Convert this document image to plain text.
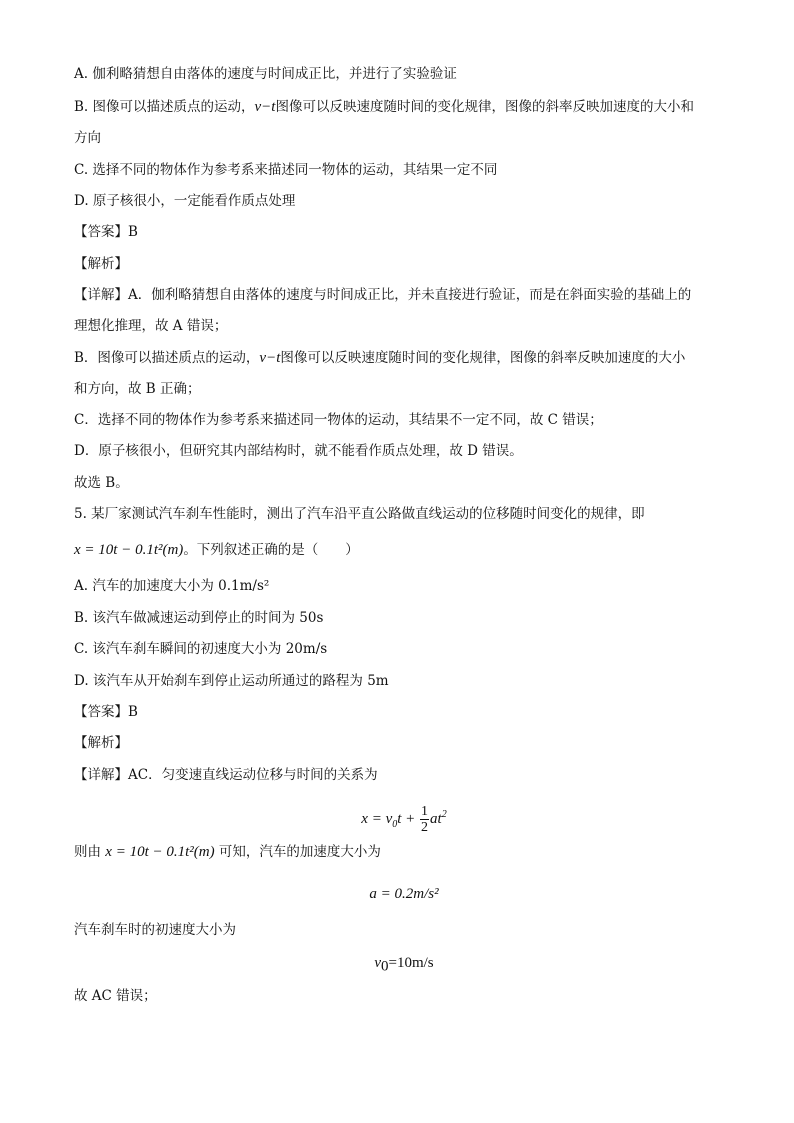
A. 伽利略猜想自由落体的速度与时间成正比，并进行了实验验证
B. 图像可以描述质点的运动，v−t图像可以反映速度随时间的变化规律，图像的斜率反映加速度的大小和
方向
C. 选择不同的物体作为参考系来描述同一物体的运动，其结果一定不同
D. 原子核很小，一定能看作质点处理
【答案】B
【解析】
【详解】A．伽利略猜想自由落体的速度与时间成正比，并未直接进行验证，而是在斜面实验的基础上的
理想化推理，故 A 错误；
B．图像可以描述质点的运动，v−t图像可以反映速度随时间的变化规律，图像的斜率反映加速度的大小
和方向，故 B 正确；
C．选择不同的物体作为参考系来描述同一物体的运动，其结果不一定不同，故 C 错误；
D．原子核很小，但研究其内部结构时，就不能看作质点处理，故 D 错误。
故选 B。
5. 某厂家测试汽车刹车性能时，测出了汽车沿平直公路做直线运动的位移随时间变化的规律，即
x = 10t − 0.1t²(m)。下列叙述正确的是（　　）
A. 汽车的加速度大小为 0.1m/s²
B. 该汽车做减速运动到停止的时间为 50s
C. 该汽车刹车瞬间的初速度大小为 20m/s
D. 该汽车从开始刹车到停止运动所通过的路程为 5m
【答案】B
【解析】
【详解】AC．匀变速直线运动位移与时间的关系为
$x = v_0t + \frac{1}{2} at^2$
则由 x = 10t − 0.1t²(m) 可知，汽车的加速度大小为
a = 0.2m/s²
汽车刹车时的初速度大小为
$v_0=10m/s$
故 AC 错误；
